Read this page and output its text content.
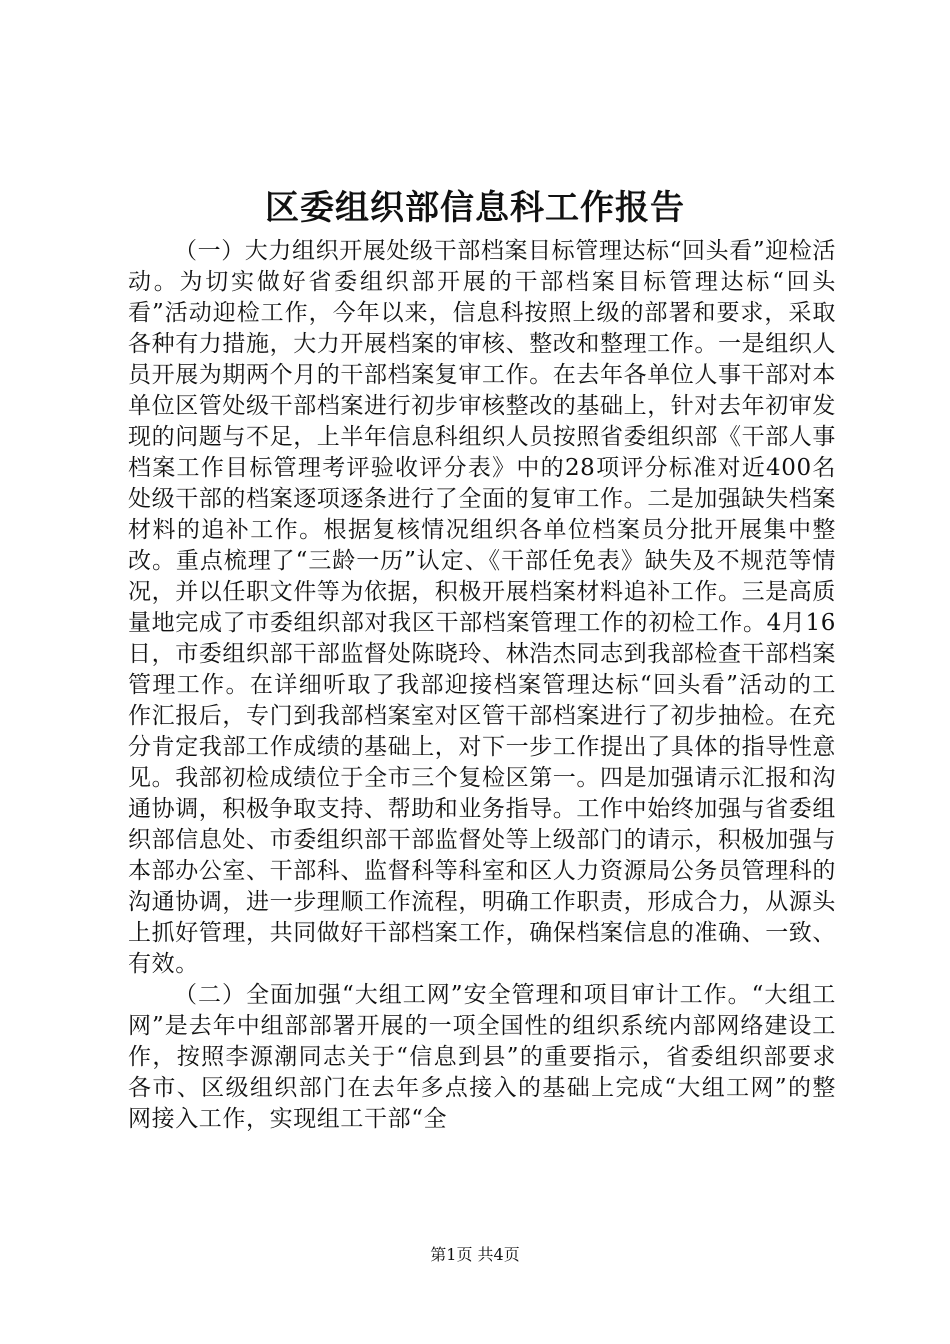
区委组织部信息科工作报告

（一）大力组织开展处级干部档案目标管理达标“回头看”迎检活动。为切实做好省委组织部开展的干部档案目标管理达标“回头看”活动迎检工作，今年以来，信息科按照上级的部署和要求，采取各种有力措施，大力开展档案的审核、整改和整理工作。一是组织人员开展为期两个月的干部档案复审工作。在去年各单位人事干部对本单位区管处级干部档案进行初步审核整改的基础上，针对去年初审发现的问题与不足，上半年信息科组织人员按照省委组织部《干部人事档案工作目标管理考评验收评分表》中的28项评分标准对近400名处级干部的档案逐项逐条进行了全面的复审工作。二是加强缺失档案材料的追补工作。根据复核情况组织各单位档案员分批开展集中整改。重点梳理了“三龄一历”认定、《干部任免表》缺失及不规范等情况，并以任职文件等为依据，积极开展档案材料追补工作。三是高质量地完成了市委组织部对我区干部档案管理工作的初检工作。4月16日，市委组织部干部监督处陈晓玲、林浩杰同志到我部检查干部档案管理工作。在详细听取了我部迎接档案管理达标“回头看”活动的工作汇报后，专门到我部档案室对区管干部档案进行了初步抽检。在充分肯定我部工作成绩的基础上，对下一步工作提出了具体的指导性意见。我部初检成绩位于全市三个复检区第一。四是加强请示汇报和沟通协调，积极争取支持、帮助和业务指导。工作中始终加强与省委组织部信息处、市委组织部干部监督处等上级部门的请示，积极加强与本部办公室、干部科、监督科等科室和区人力资源局公务员管理科的沟通协调，进一步理顺工作流程，明确工作职责，形成合力，从源头上抓好管理，共同做好干部档案工作，确保档案信息的准确、一致、有效。

（二）全面加强“大组工网”安全管理和项目审计工作。“大组工网”是去年中组部部署开展的一项全国性的组织系统内部网络建设工作，按照李源潮同志关于“信息到县”的重要指示，省委组织部要求各市、区级组织部门在去年多点接入的基础上完成“大组工网”的整网接入工作，实现组工干部“全

第1页 共4页
